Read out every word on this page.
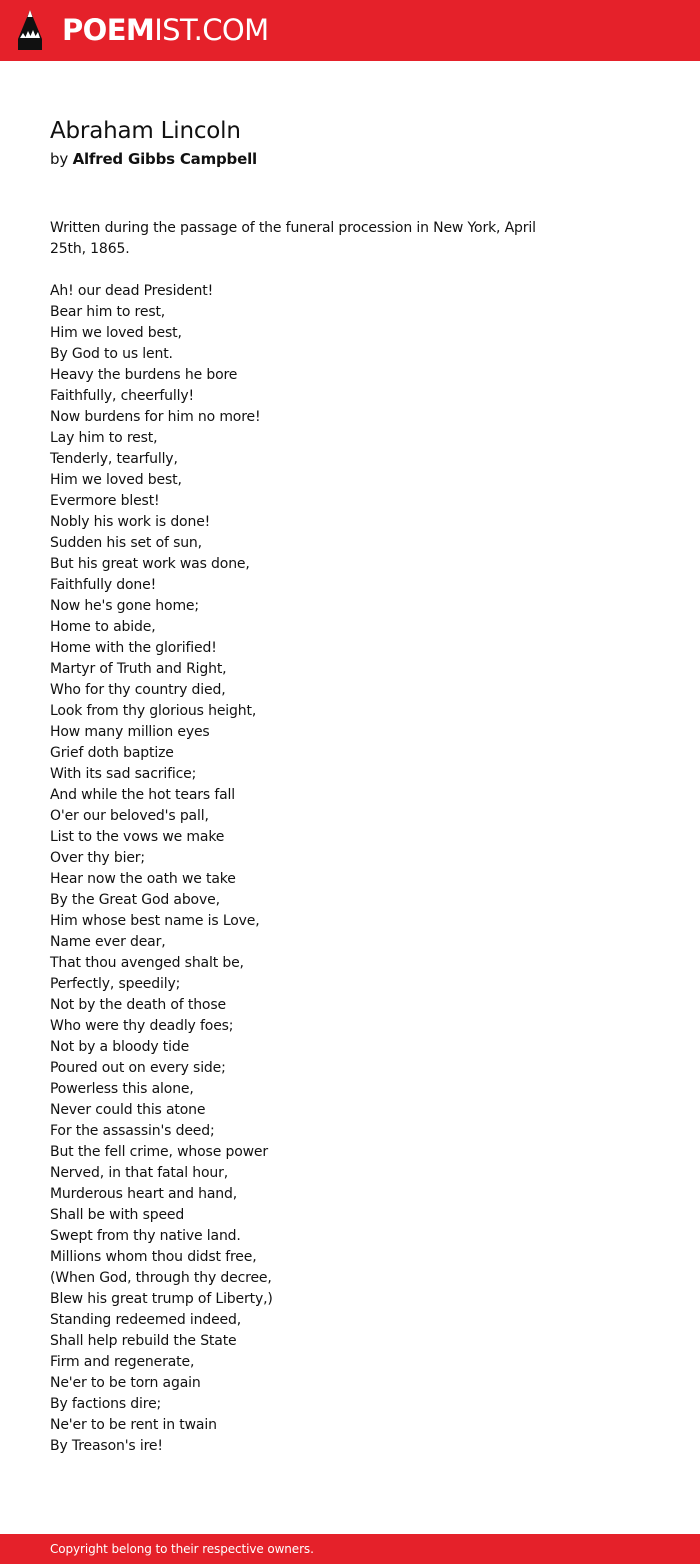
POEMIST.COM
Abraham Lincoln
by Alfred Gibbs Campbell

Written during the passage of the funeral procession in New York, April 25th, 1865.

Ah! our dead President!
Bear him to rest,
Him we loved best,
By God to us lent.
Heavy the burdens he bore
Faithfully, cheerfully!
Now burdens for him no more!
Lay him to rest,
Tenderly, tearfully,
Him we loved best,
Evermore blest!
Nobly his work is done!
Sudden his set of sun,
But his great work was done,
Faithfully done!
Now he's gone home;
Home to abide,
Home with the glorified!
Martyr of Truth and Right,
Who for thy country died,
Look from thy glorious height,
How many million eyes
Grief doth baptize
With its sad sacrifice;
And while the hot tears fall
O'er our beloved's pall,
List to the vows we make
Over thy bier;
Hear now the oath we take
By the Great God above,
Him whose best name is Love,
Name ever dear,
That thou avenged shalt be,
Perfectly, speedily;
Not by the death of those
Who were thy deadly foes;
Not by a bloody tide
Poured out on every side;
Powerless this alone,
Never could this atone
For the assassin's deed;
But the fell crime, whose power
Nerved, in that fatal hour,
Murderous heart and hand,
Shall be with speed
Swept from thy native land.
Millions whom thou didst free,
(When God, through thy decree,
Blew his great trump of Liberty,)
Standing redeemed indeed,
Shall help rebuild the State
Firm and regenerate,
Ne'er to be torn again
By factions dire;
Ne'er to be rent in twain
By Treason's ire!
Copyright belong to their respective owners.
